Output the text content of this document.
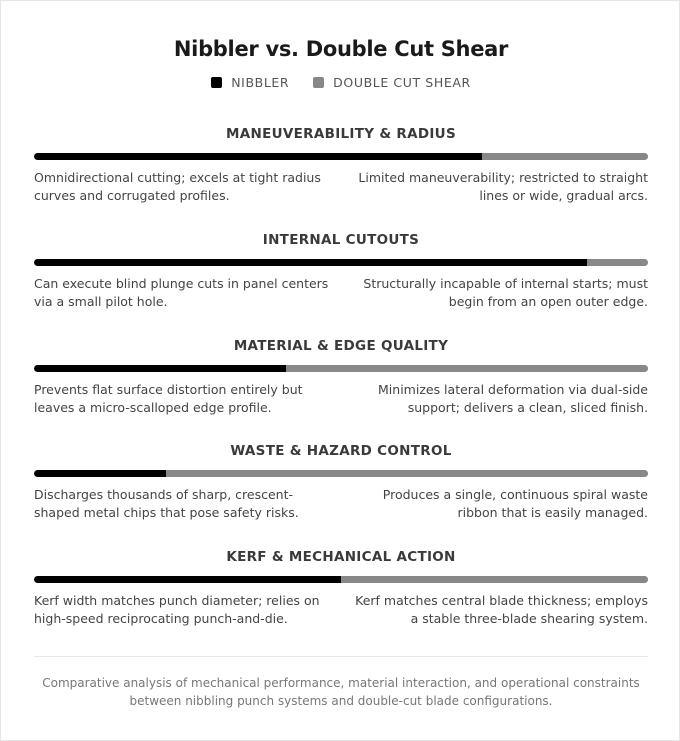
Nibbler vs. Double Cut Shear
NIBBLER	DOUBLE CUT SHEAR
MANEUVERABILITY & RADIUS
Omnidirectional cutting; excels at tight radius curves and corrugated profiles.
Limited maneuverability; restricted to straight lines or wide, gradual arcs.
INTERNAL CUTOUTS
Can execute blind plunge cuts in panel centers via a small pilot hole.
Structurally incapable of internal starts; must begin from an open outer edge.
MATERIAL & EDGE QUALITY
Prevents flat surface distortion entirely but leaves a micro-scalloped edge profile.
Minimizes lateral deformation via dual-side support; delivers a clean, sliced finish.
WASTE & HAZARD CONTROL
Discharges thousands of sharp, crescent-shaped metal chips that pose safety risks.
Produces a single, continuous spiral waste ribbon that is easily managed.
KERF & MECHANICAL ACTION
Kerf width matches punch diameter; relies on high-speed reciprocating punch-and-die.
Kerf matches central blade thickness; employs a stable three-blade shearing system.
Comparative analysis of mechanical performance, material interaction, and operational constraints between nibbling punch systems and double-cut blade configurations.
